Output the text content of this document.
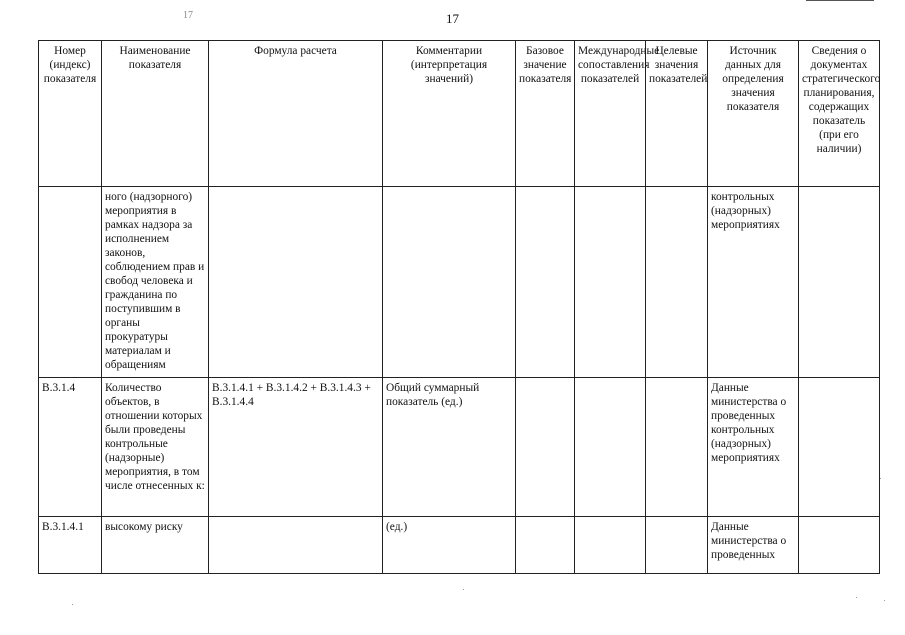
17	17
Номер (индекс) показателя	Наименование показателя	Формула расчета	Комментарии (интерпретация значений)	Базовое значение показателя	Международные сопоставления показателей	Целевые значения показателей	Источник данных для определения значения показателя	Сведения о документах стратегического планирования, содержащих показатель (при его наличии)
	ного (надзорного) мероприятия в рамках надзора за исполнением законов, соблюдением прав и свобод человека и гражданина по поступившим в органы прокуратуры материалам и обращениям						контрольных (надзорных) мероприятиях	
В.3.1.4	Количество объектов, в отношении которых были проведены контрольные (надзорные) мероприятия, в том числе отнесенных к:	В.3.1.4.1 + В.3.1.4.2 + В.3.1.4.3 + В.3.1.4.4	Общий суммарный показатель (ед.)				Данные министерства о проведенных контрольных (надзорных) мероприятиях	
В.3.1.4.1	высокому риску		(ед.)				Данные министерства о проведенных	
